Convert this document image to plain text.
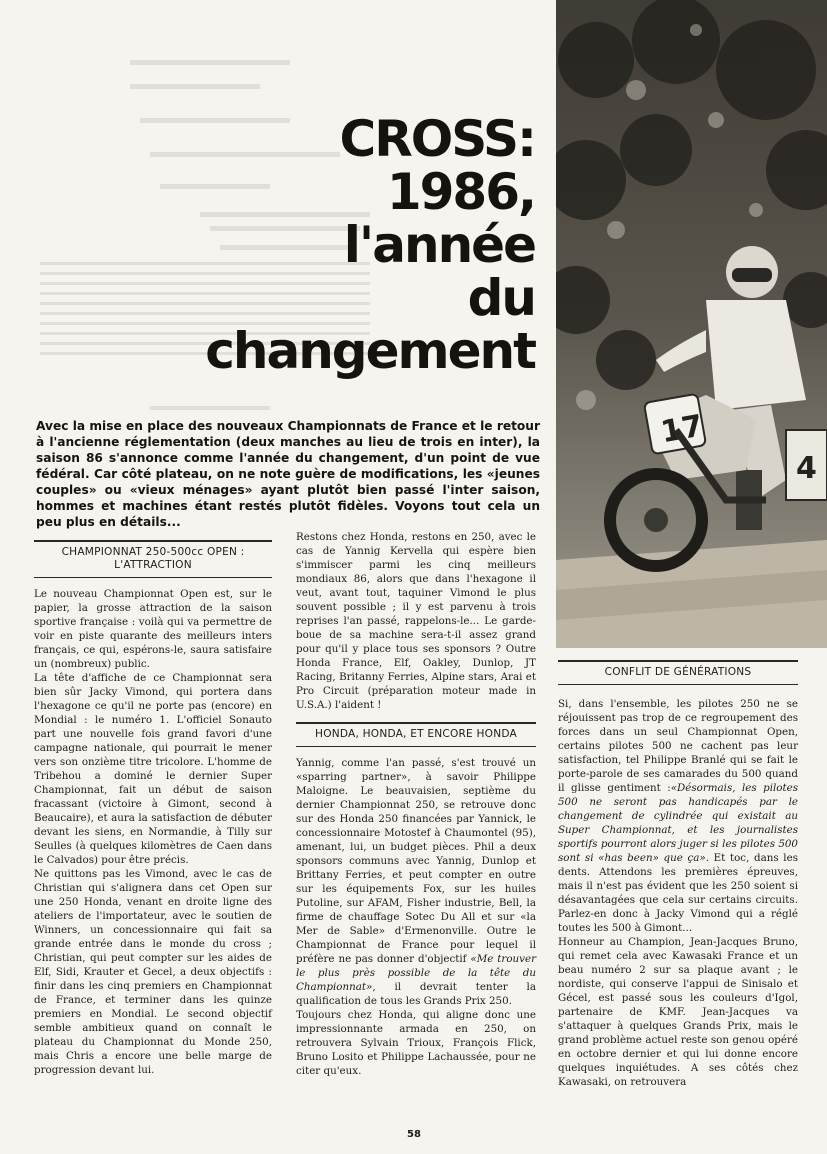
17
4
CROSS:
1986,
l'année
du
changement
Avec la mise en place des nouveaux Championnats de France et le retour à l'ancienne réglementation (deux manches au lieu de trois en inter), la saison 86 s'annonce comme l'année du changement, d'un point de vue fédéral. Car côté plateau, on ne note guère de modifications, les «jeunes couples» ou «vieux ménages» ayant plutôt bien passé l'inter saison, hommes et machines étant restés plutôt fidèles. Voyons tout cela un peu plus en détails...
CHAMPIONNAT 250-500cc OPEN : L'ATTRACTION

Le nouveau Championnat Open est, sur le papier, la grosse attraction de la saison sportive française : voilà qui va permettre de voir en piste quarante des meilleurs inters français, ce qui, espérons-le, saura satisfaire un (nombreux) public.

La tête d'affiche de ce Championnat sera bien sûr Jacky Vimond, qui portera dans l'hexagone ce qu'il ne porte pas (encore) en Mondial : le numéro 1. L'officiel Sonauto part une nouvelle fois grand favori d'une campagne nationale, qui pourrait le mener vers son onzième titre tricolore. L'homme de Tribehou a dominé le dernier Super Championnat, fait un début de saison fracassant (victoire à Gimont, second à Beaucaire), et aura la satisfaction de débuter devant les siens, en Normandie, à Tilly sur Seulles (à quelques kilomètres de Caen dans le Calvados) pour être précis.

Ne quittons pas les Vimond, avec le cas de Christian qui s'alignera dans cet Open sur une 250 Honda, venant en droite ligne des ateliers de l'importateur, avec le soutien de Winners, un concessionnaire qui fait sa grande entrée dans le monde du cross ; Christian, qui peut compter sur les aides de Elf, Sidi, Krauter et Gecel, a deux objectifs : finir dans les cinq premiers en Championnat de France, et terminer dans les quinze premiers en Mondial. Le second objectif semble ambitieux quand on connaît le plateau du Championnat du Monde 250, mais Chris a encore une belle marge de progression devant lui.

Restons chez Honda, restons en 250, avec le cas de Yannig Kervella qui espère bien s'immiscer parmi les cinq meilleurs mondiaux 86, alors que dans l'hexagone il veut, avant tout, taquiner Vimond le plus souvent possible ; il y est parvenu à trois reprises l'an passé, rappelons-le... Le garde-boue de sa machine sera-t-il assez grand pour qu'il y place tous ses sponsors ? Outre Honda France, Elf, Oakley, Dunlop, JT Racing, Britanny Ferries, Alpine stars, Arai et Pro Circuit (préparation moteur made in U.S.A.) l'aident !

HONDA, HONDA, ET ENCORE HONDA

Yannig, comme l'an passé, s'est trouvé un «sparring partner», à savoir Philippe Maloigne. Le beauvaisien, septième du dernier Championnat 250, se retrouve donc sur des Honda 250 financées par Yannick, le concessionnaire Motostef à Chaumontel (95), amenant, lui, un budget pièces. Phil a deux sponsors communs avec Yannig, Dunlop et Brittany Ferries, et peut compter en outre sur les équipements Fox, sur les huiles Putoline, sur AFAM, Fisher industrie, Bell, la firme de chauffage Sotec Du All et sur «la Mer de Sable» d'Ermenonville. Outre le Championnat de France pour lequel il préfère ne pas donner d'objectif «Me trouver le plus près possible de la tête du Championnat», il devrait tenter la qualification de tous les Grands Prix 250.

Toujours chez Honda, qui aligne donc une impressionnante armada en 250, on retrouvera Sylvain Trioux, François Flick, Bruno Losito et Philippe Lachaussée, pour ne citer qu'eux.

CONFLIT DE GÉNÉRATIONS

Si, dans l'ensemble, les pilotes 250 ne se réjouissent pas trop de ce regroupement des forces dans un seul Championnat Open, certains pilotes 500 ne cachent pas leur satisfaction, tel Philippe Branlé qui se fait le porte-parole de ses camarades du 500 quand il glisse gentiment :«Désormais, les pilotes 500 ne seront pas handicapés par le changement de cylindrée qui existait au Super Championnat, et les journalistes sportifs pourront alors juger si les pilotes 500 sont si «has been» que ça». Et toc, dans les dents. Attendons les premières épreuves, mais il n'est pas évident que les 250 soient si désavantagées que cela sur certains circuits. Parlez-en donc à Jacky Vimond qui a réglé toutes les 500 à Gimont...

Honneur au Champion, Jean-Jacques Bruno, qui remet cela avec Kawasaki France et un beau numéro 2 sur sa plaque avant ; le nordiste, qui conserve l'appui de Sinisalo et Gécel, est passé sous les couleurs d'Igol, partenaire de KMF. Jean-Jacques va s'attaquer à quelques Grands Prix, mais le grand problème actuel reste son genou opéré en octobre dernier et qui lui donne encore quelques inquiétudes. A ses côtés chez Kawasaki, on retrouvera

58
